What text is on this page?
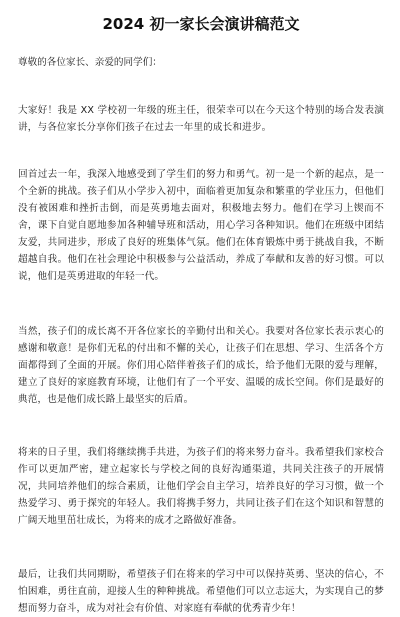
2024 初一家长会演讲稿范文

尊敬的各位家长、亲爱的同学们：

大家好！我是 XX 学校初一年级的班主任，很荣幸可以在今天这个特别的场合发表演讲，与各位家长分享你们孩子在过去一年里的成长和进步。

回首过去一年，我深入地感受到了学生们的努力和勇气。初一是一个新的起点，是一个全新的挑战。孩子们从小学步入初中，面临着更加复杂和繁重的学业压力，但他们没有被困难和挫折击倒，而是英勇地去面对，积极地去努力。他们在学习上锲而不舍，课下自觉自愿地参加各种辅导班和活动，用心学习各种知识。他们在班级中团结友爱，共同进步，形成了良好的班集体气氛。他们在体育锻炼中勇于挑战自我，不断超越自我。他们在社会理论中积极参与公益活动，养成了奉献和友善的好习惯。可以说，他们是英勇进取的年轻一代。

当然，孩子们的成长离不开各位家长的辛勤付出和关心。我要对各位家长表示衷心的感谢和敬意！是你们无私的付出和不懈的关心，让孩子们在思想、学习、生活各个方面都得到了全面的开展。你们用心陪伴着孩子们的成长，给予他们无限的爱与理解，建立了良好的家庭教育环境，让他们有了一个平安、温暖的成长空间。你们是最好的典范，也是他们成长路上最坚实的后盾。

将来的日子里，我们将继续携手共进，为孩子们的将来努力奋斗。我希望我们家校合作可以更加严密，建立起家长与学校之间的良好沟通渠道，共同关注孩子的开展情况，共同培养他们的综合素质，让他们学会自主学习，培养良好的学习习惯，做一个热爱学习、勇于探究的年轻人。我们将携手努力，共同让孩子们在这个知识和智慧的广阔天地里茁壮成长，为将来的成才之路做好准备。

最后，让我们共同期盼，希望孩子们在将来的学习中可以保持英勇、坚决的信心，不怕困难，勇往直前，迎接人生的种种挑战。希望他们可以立志远大，为实现自己的梦想而努力奋斗，成为对社会有价值、对家庭有奉献的优秀青少年！
